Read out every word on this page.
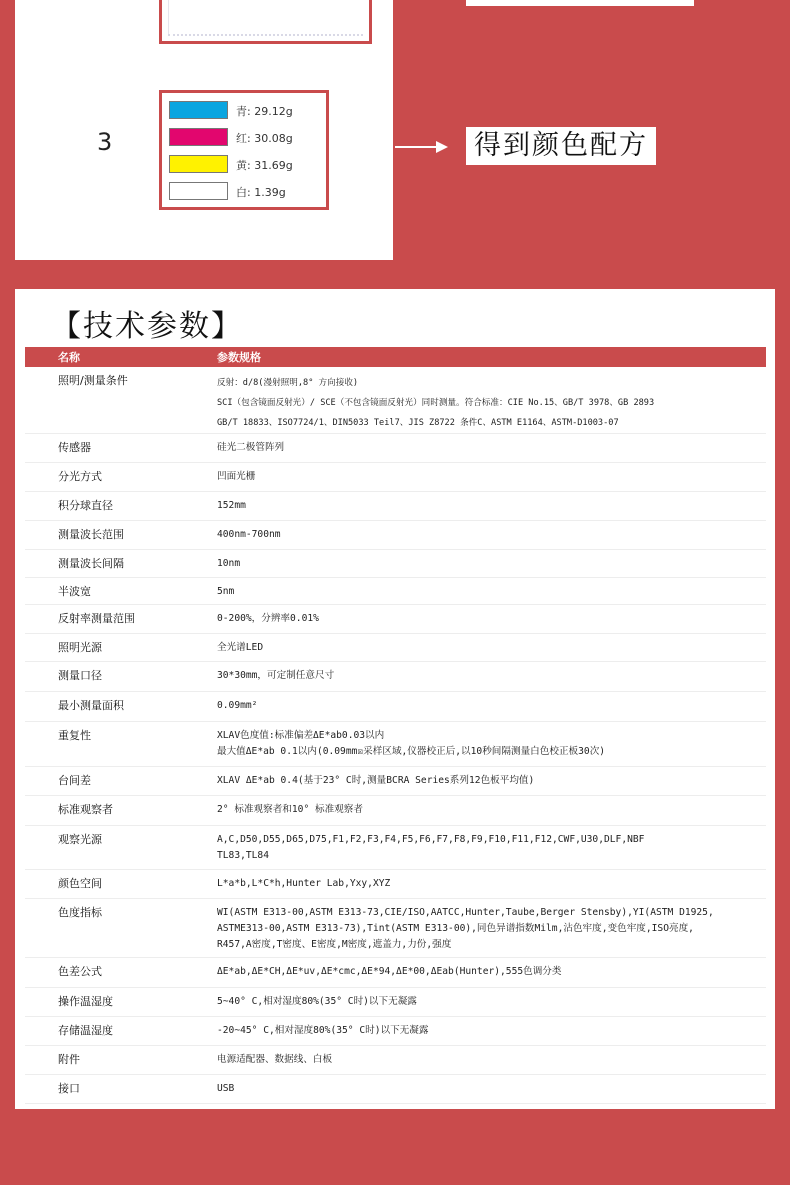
3
青: 29.12g
红: 30.08g
黄: 31.69g
白: 1.39g
得到颜色配方
【技术参数】
名称	参数规格
照明/测量条件	反射：d/8(漫射照明,8° 方向接收)
SCI（包含镜面反射光）/ SCE（不包含镜面反射光）同时测量。符合标准：CIE No.15、GB/T 3978、GB 2893
GB/T 18833、ISO7724/1、DIN5033 Teil7、JIS Z8722 条件C、ASTM E1164、ASTM-D1003-07

传感器	硅光二极管阵列

分光方式	凹面光栅

积分球直径	152mm

测量波长范围	400nm-700nm

测量波长间隔	10nm

半波宽	5nm

反射率测量范围	0-200%，分辨率0.01%

照明光源	全光谱LED

测量口径	30*30mm，可定制任意尺寸

最小测量面积	0.09mm²

重复性	XLAV色度值:标准偏差ΔE*ab0.03以内
最大值ΔE*ab 0.1以内(0.09mm☒采样区域,仪器校正后,以10秒间隔测量白色校正板30次)

台间差	XLAV ΔE*ab 0.4(基于23° C时,测量BCRA Series系列12色板平均值)

标准观察者	2° 标准观察者和10° 标准观察者

观察光源	A,C,D50,D55,D65,D75,F1,F2,F3,F4,F5,F6,F7,F8,F9,F10,F11,F12,CWF,U30,DLF,NBF
TL83,TL84

颜色空间	L*a*b,L*C*h,Hunter Lab,Yxy,XYZ

色度指标	WI(ASTM E313-00,ASTM E313-73,CIE/ISO,AATCC,Hunter,Taube,Berger Stensby),YI(ASTM D1925,
ASTME313-00,ASTM E313-73),Tint(ASTM E313-00),同色异谱指数Milm,沾色牢度,变色牢度,ISO亮度,
R457,A密度,T密度、E密度,M密度,遮盖力,力份,强度

色差公式	ΔE*ab,ΔE*CH,ΔE*uv,ΔE*cmc,ΔE*94,ΔE*00,ΔEab(Hunter),555色调分类

操作温湿度	5~40° C,相对湿度80%(35° C时)以下无凝露

存储温湿度	-20~45° C,相对湿度80%(35° C时)以下无凝露

附件	电源适配器、数据线、白板

接口	USB
